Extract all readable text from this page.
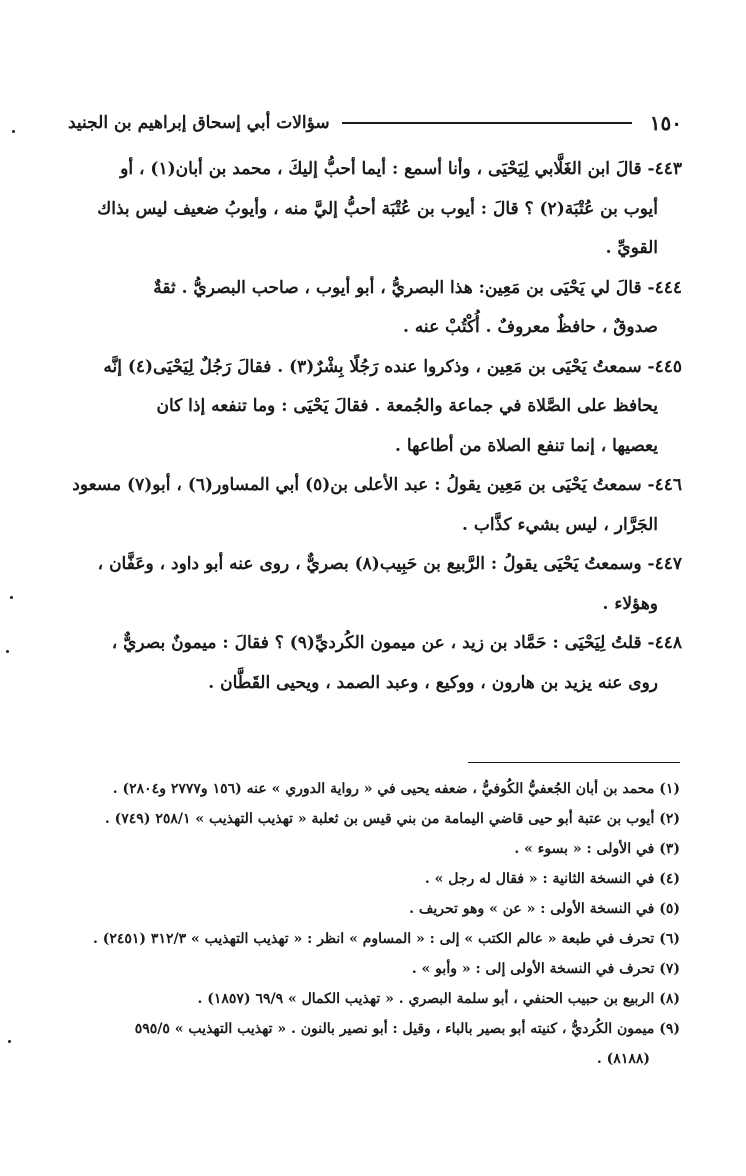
١٥٠
سؤالات أبي إسحاق إبراهيم بن الجنيد

٤٤٣- قالَ ابن الغَلَّابي لِيَحْيَى ، وأنا أسمع : أيما أحبُّ إليكَ ، محمد بن أبان(١) ، أو
أيوب بن عُتْبَة(٢) ؟ قالَ : أيوب بن عُتْبَة أحبُّ إليَّ منه ، وأيوبُ ضعيف ليس بذاك
القويِّ .

٤٤٤- قالَ لي يَحْيَى بن مَعِين: هذا البصريُّ ، أبو أيوب ، صاحب البصريُّ . ثقةٌ
صدوقٌ ، حافظٌ معروفٌ . أُكْتُبْ عنه .

٤٤٥- سمعتُ يَحْيَى بن مَعِين ، وذكروا عنده رَجُلًا بِشْرٌ(٣) . فقالَ رَجُلٌ لِيَحْيَى(٤) إنَّه
يحافظ على الصَّلاة في جماعة والجُمعة . فقالَ يَحْيَى : وما تنفعه إذا كان
يعصيها ، إنما تنفع الصلاة من أطاعها .

٤٤٦- سمعتُ يَحْيَى بن مَعِين يقولُ : عبد الأعلى بن(٥) أبي المساور(٦) ، أبو(٧) مسعود
الجَرَّار ، ليس بشيء كذَّاب .

٤٤٧- وسمعتُ يَحْيَى يقولُ : الرَّبيع بن حَبِيب(٨) بصريٌّ ، روى عنه أبو داود ، وعَفَّان ،
وهؤلاء .

٤٤٨- قلتُ لِيَحْيَى : حَمَّاد بن زيد ، عن ميمون الكُرديِّ(٩) ؟ فقالَ : ميمونٌ بصريٌّ ،
روى عنه يزيد بن هارون ، ووكيع ، وعبد الصمد ، ويحيى القَطَّان .

(١) محمد بن أبان الجُعفيُّ الكُوفيُّ ، ضعفه يحيى في « رواية الدوري » عنه (١٥٦ و٢٧٧٧ و٢٨٠٤) .

(٢) أيوب بن عتبة أبو حيى قاضي اليمامة من بني قيس بن ثعلبة « تهذيب التهذيب » ٢٥٨/١ (٧٤٩) .

(٣) في الأولى : « بسوء » .

(٤) في النسخة الثانية : « فقال له رجل » .

(٥) في النسخة الأولى : « عن » وهو تحريف .

(٦) تحرف في طبعة « عالم الكتب » إلى : « المساوم » انظر : « تهذيب التهذيب » ٣١٢/٣ (٢٤٥١) .

(٧) تحرف في النسخة الأولى إلى : « وأبو » .

(٨) الربيع بن حبيب الحنفي ، أبو سلمة البصري . « تهذيب الكمال » ٦٩/٩ (١٨٥٧) .

(٩) ميمون الكُرديُّ ، كنيته أبو بصير بالباء ، وقيل : أبو نصير بالنون . « تهذيب التهذيب » ٥٩٥/٥
(٨١٨٨) .
